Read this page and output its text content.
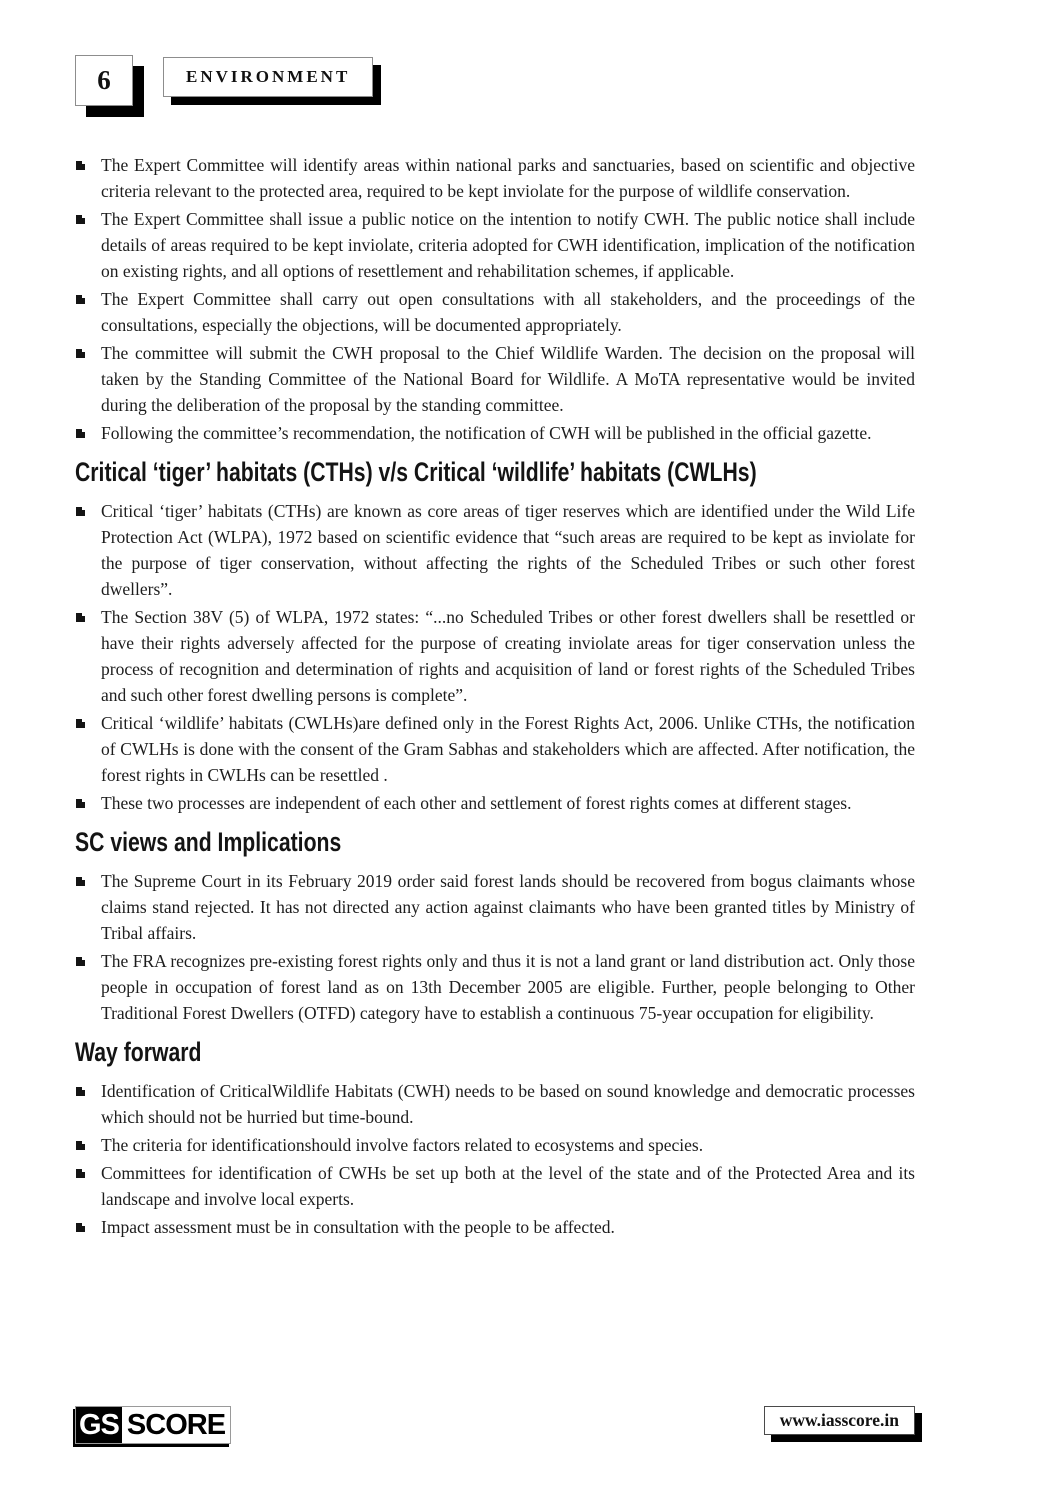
6	ENVIRONMENT
The Expert Committee will identify areas within national parks and sanctuaries, based on scientific and objective criteria relevant to the protected area, required to be kept inviolate for the purpose of wildlife conservation.
The Expert Committee shall issue a public notice on the intention to notify CWH. The public notice shall include details of areas required to be kept inviolate, criteria adopted for CWH identification, implication of the notification on existing rights, and all options of resettlement and rehabilitation schemes, if applicable.
The Expert Committee shall carry out open consultations with all stakeholders, and the proceedings of the consultations, especially the objections, will be documented appropriately.
The committee will submit the CWH proposal to the Chief Wildlife Warden. The decision on the proposal will taken by the Standing Committee of the National Board for Wildlife. A MoTA representative would be invited during the deliberation of the proposal by the standing committee.
Following the committee’s recommendation, the notification of CWH will be published in the official gazette.
Critical ‘tiger’ habitats (CTHs) v/s Critical ‘wildlife’ habitats (CWLHs)
Critical ‘tiger’ habitats (CTHs) are known as core areas of tiger reserves which are identified under the Wild Life Protection Act (WLPA), 1972 based on scientific evidence that “such areas are required to be kept as inviolate for the purpose of tiger conservation, without affecting the rights of the Scheduled Tribes or such other forest dwellers”.
The Section 38V (5) of WLPA, 1972 states: “...no Scheduled Tribes or other forest dwellers shall be resettled or have their rights adversely affected for the purpose of creating inviolate areas for tiger conservation unless the process of recognition and determination of rights and acquisition of land or forest rights of the Scheduled Tribes and such other forest dwelling persons is complete”.
Critical ‘wildlife’ habitats (CWLHs)are defined only in the Forest Rights Act, 2006. Unlike CTHs, the notification of CWLHs is done with the consent of the Gram Sabhas and stakeholders which are affected. After notification, the forest rights in CWLHs can be resettled .
These two processes are independent of each other and settlement of forest rights comes at different stages.
SC views and Implications
The Supreme Court in its February 2019 order said forest lands should be recovered from bogus claimants whose claims stand rejected. It has not directed any action against claimants who have been granted titles by Ministry of Tribal affairs.
The FRA recognizes pre-existing forest rights only and thus it is not a land grant or land distribution act. Only those people in occupation of forest land as on 13th December 2005 are eligible. Further, people belonging to Other Traditional Forest Dwellers (OTFD) category have to establish a continuous 75-year occupation for eligibility.
Way forward
Identification of CriticalWildlife Habitats (CWH) needs to be based on sound knowledge and democratic processes which should not be hurried but time-bound.
The criteria for identificationshould involve factors related to ecosystems and species.
Committees for identification of CWHs be set up both at the level of the state and of the Protected Area and its landscape and involve local experts.
Impact assessment must be in consultation with the people to be affected.
GS SCORE	www.iasscore.in
